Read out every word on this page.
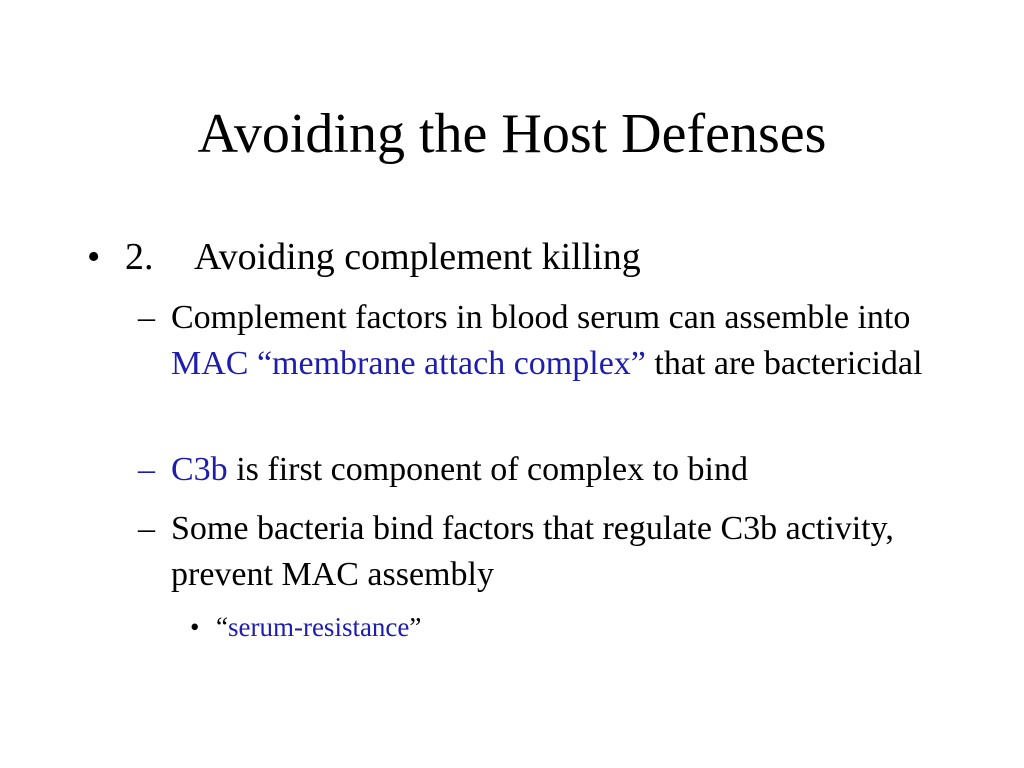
Avoiding the Host Defenses
• 2. Avoiding complement killing
– Complement factors in blood serum can assemble into MAC “membrane attach complex” that are bactericidal
– C3b is first component of complex to bind
– Some bacteria bind factors that regulate C3b activity, prevent MAC assembly
• “serum-resistance”
